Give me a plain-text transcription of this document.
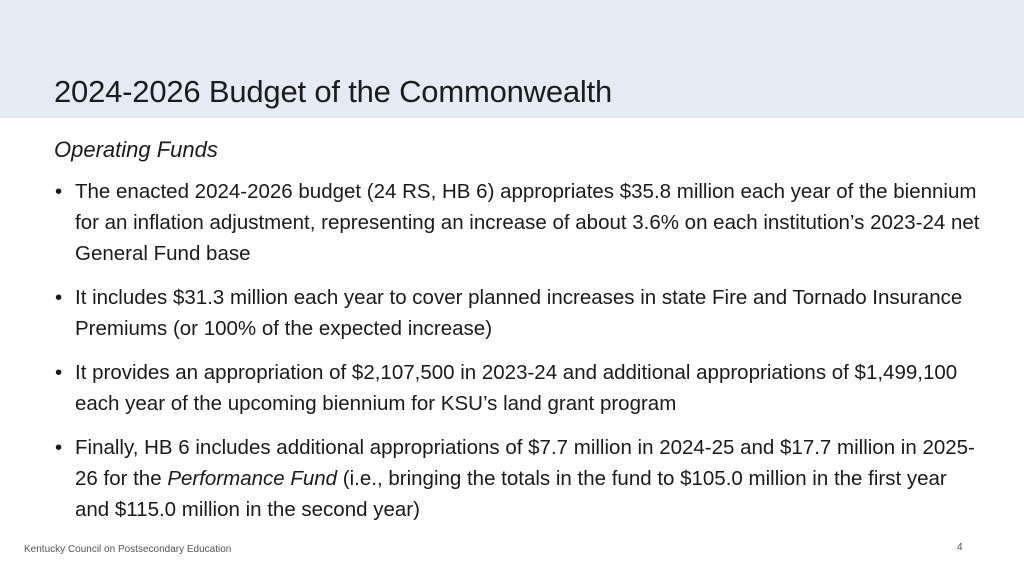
2024-2026 Budget of the Commonwealth
Operating Funds
• The enacted 2024-2026 budget (24 RS, HB 6) appropriates $35.8 million each year of the biennium for an inflation adjustment, representing an increase of about 3.6% on each institution’s 2023-24 net General Fund base
• It includes $31.3 million each year to cover planned increases in state Fire and Tornado Insurance Premiums (or 100% of the expected increase)
• It provides an appropriation of $2,107,500 in 2023-24 and additional appropriations of $1,499,100 each year of the upcoming biennium for KSU’s land grant program
• Finally, HB 6 includes additional appropriations of $7.7 million in 2024-25 and $17.7 million in 2025-26 for the Performance Fund (i.e., bringing the totals in the fund to $105.0 million in the first year and $115.0 million in the second year)
Kentucky Council on Postsecondary Education	4
